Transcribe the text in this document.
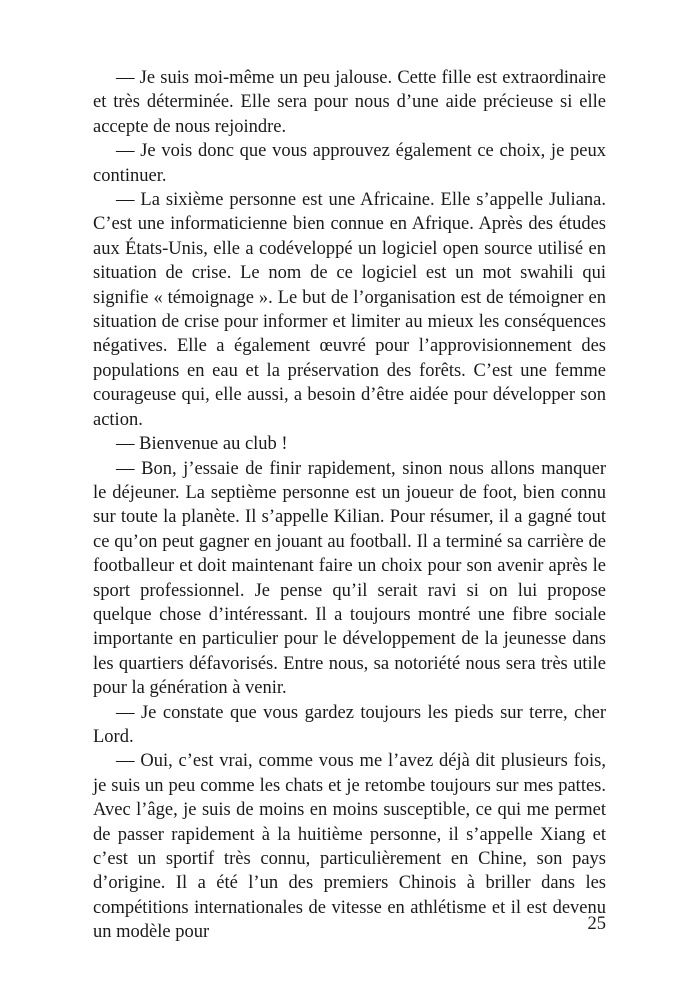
— Je suis moi-même un peu jalouse. Cette fille est extraordinaire et très déterminée. Elle sera pour nous d’une aide précieuse si elle accepte de nous rejoindre.

— Je vois donc que vous approuvez également ce choix, je peux continuer.

— La sixième personne est une Africaine. Elle s’appelle Juliana. C’est une informaticienne bien connue en Afrique. Après des études aux États-Unis, elle a codéveloppé un logiciel open source utilisé en situation de crise. Le nom de ce logiciel est un mot swahili qui signifie « témoignage ». Le but de l’organisation est de témoigner en situation de crise pour informer et limiter au mieux les conséquences négatives. Elle a également œuvré pour l’approvisionnement des populations en eau et la préservation des forêts. C’est une femme courageuse qui, elle aussi, a besoin d’être aidée pour développer son action.

— Bienvenue au club !

— Bon, j’essaie de finir rapidement, sinon nous allons manquer le déjeuner. La septième personne est un joueur de foot, bien connu sur toute la planète. Il s’appelle Kilian. Pour résumer, il a gagné tout ce qu’on peut gagner en jouant au football. Il a terminé sa carrière de footballeur et doit maintenant faire un choix pour son avenir après le sport professionnel. Je pense qu’il serait ravi si on lui propose quelque chose d’intéressant. Il a toujours montré une fibre sociale importante en particulier pour le développement de la jeunesse dans les quartiers défavorisés. Entre nous, sa notoriété nous sera très utile pour la génération à venir.

— Je constate que vous gardez toujours les pieds sur terre, cher Lord.

— Oui, c’est vrai, comme vous me l’avez déjà dit plusieurs fois, je suis un peu comme les chats et je retombe toujours sur mes pattes. Avec l’âge, je suis de moins en moins susceptible, ce qui me permet de passer rapidement à la huitième personne, il s’appelle Xiang et c’est un sportif très connu, particulièrement en Chine, son pays d’origine. Il a été l’un des premiers Chinois à briller dans les compétitions internationales de vitesse en athlétisme et il est devenu un modèle pour	25
